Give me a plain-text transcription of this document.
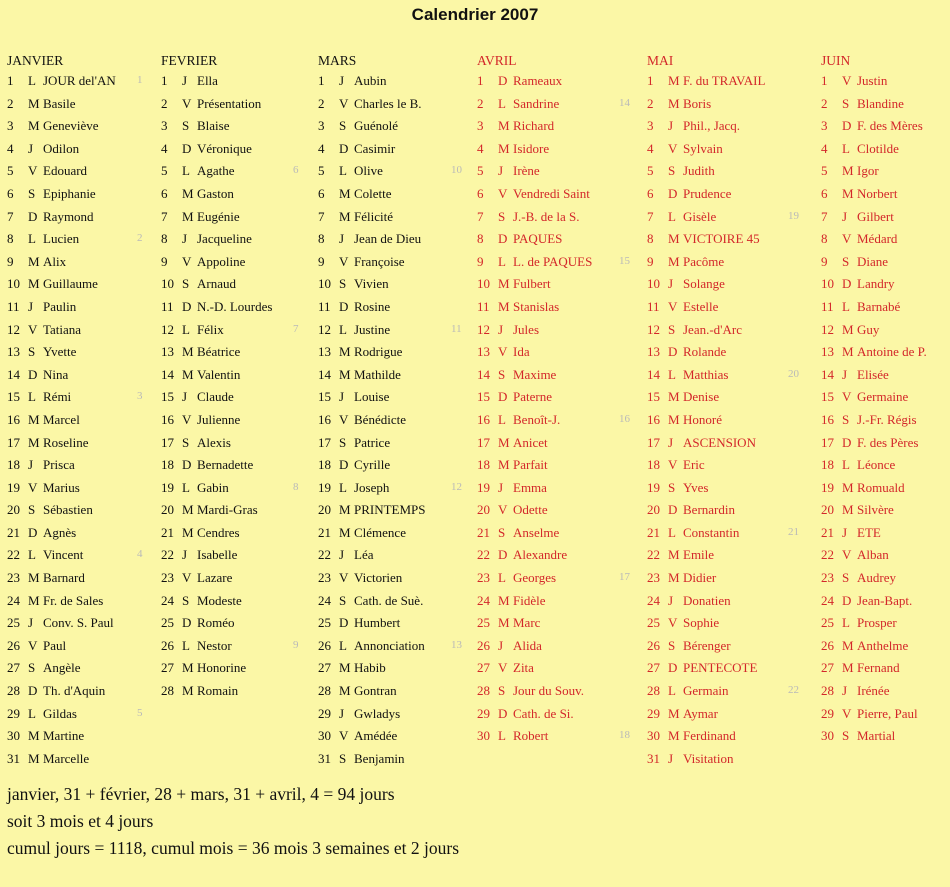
Calendrier 2007
JANVIER
1 L JOUR del'AN 1
2 M Basile
3 M Geneviève
4 J Odilon
5 V Edouard
6 S Epiphanie
7 D Raymond
8 L Lucien	2
9 M Alix
10 M Guillaume
11 J Paulin
12 V Tatiana
13 S Yvette
14 D Nina
15 L Rémi	3
16 M Marcel
17 M Roseline
18 J Prisca
19 V Marius
20 S Sébastien
21 D Agnès
22 L Vincent	4
23 M Barnard
24 M Fr. de Sales
25 J Conv. S. Paul
26 V Paul
27 S Angèle
28 D Th. d'Aquin
29 L Gildas	5
30 M Martine
31 M Marcelle
FEVRIER
1 J Ella
2 V Présentation
3 S Blaise
4 D Véronique
5 L Agathe	6
6 M Gaston
7 M Eugénie
8 J Jacqueline
9 V Appoline
10 S Arnaud
11 D N.-D. Lourdes
12 L Félix	7
13 M Béatrice
14 M Valentin
15 J Claude
16 V Julienne
17 S Alexis
18 D Bernadette
19 L Gabin	8
20 M Mardi-Gras
21 M Cendres
22 J Isabelle
23 V Lazare
24 S Modeste
25 D Roméo
26 L Nestor	9
27 M Honorine
28 M Romain
MARS
1 J Aubin
2 V Charles le B.
3 S Guénolé
4 D Casimir
5 L Olive	10
6 M Colette
7 M Félicité
8 J Jean de Dieu
9 V Françoise
10 S Vivien
11 D Rosine
12 L Justine	11
13 M Rodrigue
14 M Mathilde
15 J Louise
16 V Bénédicte
17 S Patrice
18 D Cyrille
19 L Joseph	12
20 M PRINTEMPS
21 M Clémence
22 J Léa
23 V Victorien
24 S Cath. de Suè.
25 D Humbert
26 L Annonciation 13
27 M Habib
28 M Gontran
29 J Gwladys
30 V Amédée
31 S Benjamin
AVRIL
1 D Rameaux
2 L Sandrine	14
3 M Richard
4 M Isidore
5 J Irène
6 V Vendredi Saint
7 S J.-B. de la S.
8 D PAQUES
9 L L. de PAQUES 15
10 M Fulbert
11 M Stanislas
12 J Jules
13 V Ida
14 S Maxime
15 D Paterne
16 L Benoît-J.	16
17 M Anicet
18 M Parfait
19 J Emma
20 V Odette
21 S Anselme
22 D Alexandre
23 L Georges	17
24 M Fidèle
25 M Marc
26 J Alida
27 V Zita
28 S Jour du Souv.
29 D Cath. de Si.
30 L Robert	18
MAI
1 M F. du TRAVAIL
2 M Boris
3 J Phil., Jacq.
4 V Sylvain
5 S Judith
6 D Prudence
7 L Gisèle	19
8 M VICTOIRE 45
9 M Pacôme
10 J Solange
11 V Estelle
12 S Jean.-d'Arc
13 D Rolande
14 L Matthias	20
15 M Denise
16 M Honoré
17 J ASCENSION
18 V Eric
19 S Yves
20 D Bernardin
21 L Constantin	21
22 M Emile
23 M Didier
24 J Donatien
25 V Sophie
26 S Bérenger
27 D PENTECOTE
28 L Germain	22
29 M Aymar
30 M Ferdinand
31 J Visitation
JUIN
1 V Justin
2 S Blandine
3 D F. des Mères
4 L Clotilde
5 M Igor
6 M Norbert
7 J Gilbert
8 V Médard
9 S Diane
10 D Landry
11 L Barnabé
12 M Guy
13 M Antoine de P.
14 J Elisée
15 V Germaine
16 S J.-Fr. Régis
17 D F. des Pères
18 L Léonce
19 M Romuald
20 M Silvère
21 J ETE
22 V Alban
23 S Audrey
24 D Jean-Bapt.
25 L Prosper
26 M Anthelme
27 M Fernand
28 J Irénée
29 V Pierre, Paul
30 S Martial
janvier, 31 + février, 28 + mars, 31 + avril, 4 = 94 jours
soit 3 mois et 4 jours
cumul jours = 1118, cumul mois = 36 mois 3 semaines et 2 jours
